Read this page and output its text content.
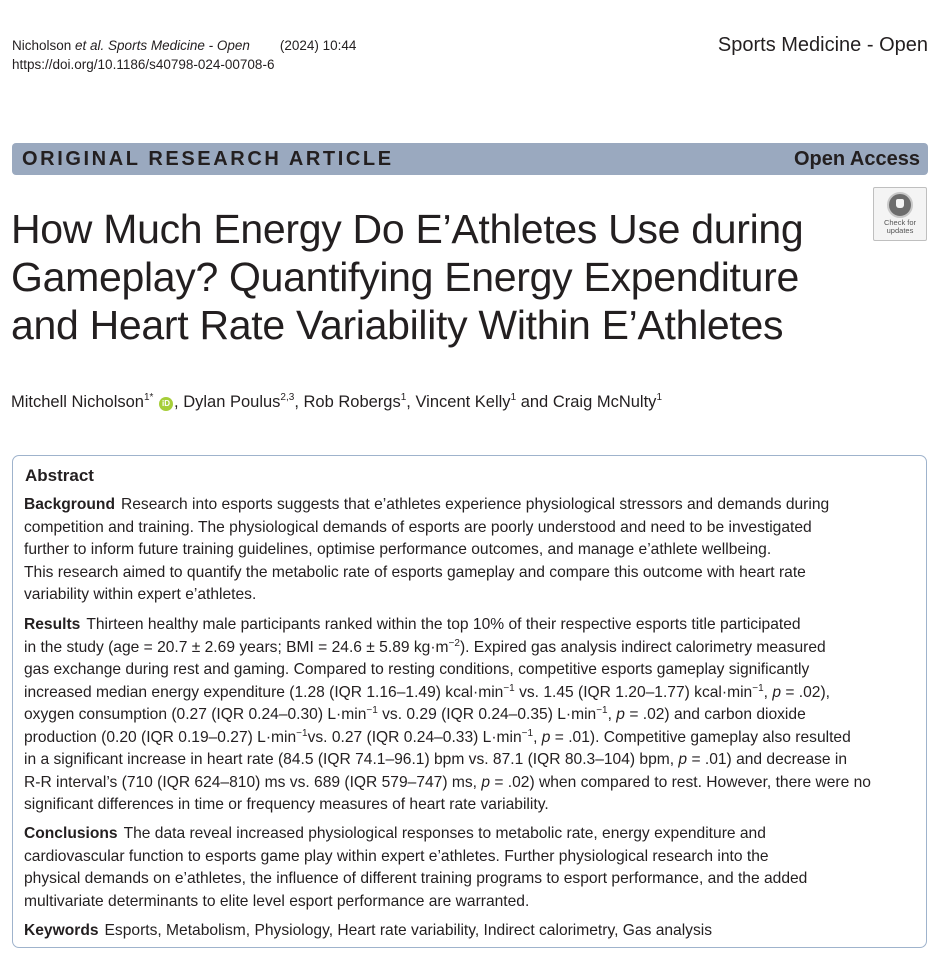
Nicholson et al. Sports Medicine - Open (2024) 10:44
https://doi.org/10.1186/s40798-024-00708-6
Sports Medicine - Open
ORIGINAL RESEARCH ARTICLE	Open Access
Check for
updates
How Much Energy Do E’Athletes Use during
Gameplay? Quantifying Energy Expenditure
and Heart Rate Variability Within E’Athletes
Mitchell Nicholson$^{1*}$ iD , Dylan Poulus$^{2,3}$, Rob Robergs$^1$, Vincent Kelly$^1$ and Craig McNulty$^1$
Abstract
Background Research into esports suggests that e’athletes experience physiological stressors and demands during
competition and training. The physiological demands of esports are poorly understood and need to be investigated
further to inform future training guidelines, optimise performance outcomes, and manage e’athlete wellbeing.
This research aimed to quantify the metabolic rate of esports gameplay and compare this outcome with heart rate
variability within expert e’athletes.
Results Thirteen healthy male participants ranked within the top 10% of their respective esports title participated
in the study (age = 20.7 ± 2.69 years; BMI = 24.6 ± 5.89 $kg\cdot m^{-2}$). Expired gas analysis indirect calorimetry measured
gas exchange during rest and gaming. Compared to resting conditions, competitive esports gameplay significantly
increased median energy expenditure (1.28 (IQR 1.16–1.49) $kcal\cdot\min^{-1}$ vs. 1.45 (IQR 1.20–1.77) $kcal\cdot\min^{-1}$, p = .02),
oxygen consumption (0.27 (IQR 0.24–0.30) $L\cdot\min^{-1}$ vs. 0.29 (IQR 0.24–0.35) $L\cdot\min^{-1}$, p = .02) and carbon dioxide
production (0.20 (IQR 0.19–0.27) $L\cdot\min^{-1}vs$. 0.27 (IQR 0.24–0.33) $L\cdot\min^{-1}$, p = .01). Competitive gameplay also resulted
in a significant increase in heart rate (84.5 (IQR 74.1–96.1) bpm vs. 87.1 (IQR 80.3–104) bpm, p = .01) and decrease in
R-R interval’s (710 (IQR 624–810) ms vs. 689 (IQR 579–747) ms, p = .02) when compared to rest. However, there were no
significant differences in time or frequency measures of heart rate variability.
Conclusions The data reveal increased physiological responses to metabolic rate, energy expenditure and
cardiovascular function to esports game play within expert e’athletes. Further physiological research into the
physical demands on e’athletes, the influence of different training programs to esport performance, and the added
multivariate determinants to elite level esport performance are warranted.
Keywords Esports, Metabolism, Physiology, Heart rate variability, Indirect calorimetry, Gas analysis
